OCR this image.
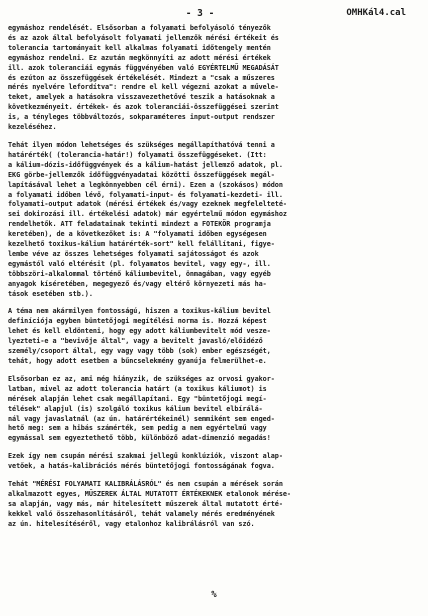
- 3 -	OMHKál4.cal
egymáshoz rendelését. Elsősorban a folyamati befolyásoló tényezők
és az azok által befolyásolt folyamati jellemzők mérési értékeit és
tolerancia tartományait kell alkalmas folyamati időtengely mentén
egymáshoz rendelni. Ez azután megkönnyíti az adott mérési értékek
ill. azok toleranciái egymás függvényében való EGYÉRTELMŰ MEGADÁSÁT
és ezúton az összefüggések értékelését. Mindezt a "csak a műszeres
mérés nyelvére lefordítva": rendre el kell végezni azokat a művele-
teket, amelyek a hatásokra visszavezethetővé teszik a hatásoknak a
következményeit. értékek- és azok toleranciái-összefüggései szerint
is, a tényleges többváltozós, sokparaméteres input-output rendszer
kezeléséhez.
Tehát ilyen módon lehetséges és szükséges megállapíthatóvá tenni a
határérték( (tolerancia-határ!) folyamati összefüggéseket. (Itt:
a kálium-dózis-időfüggvények és a kálium-hatást jellemző adatok, pl.
EKG görbe-jellemzők időfüggvényadatai közötti összefüggések megál-
lapításával lehet a legkönnyebben cél érni). Ezen a (szokásos) módon
a folyamati időben lévő, folyamati-input- és folyamati-kezdeti- ill.
folyamati-output adatok (mérési értékek és/vagy ezeknek megfelelteté-
sei dokirozási ill. értékelési adatok) már egyértelmű módon egymáshoz
rendelhetők. ATT feladatainak tekinti mindezt a FOTEKÖR programja
keretében), de a következőket is: A "folyamati időben egységesen
kezelhető toxikus-kálium határérték-sort" kell felállítani, figye-
lembe véve az összes lehetséges folyamati sajátosságot és azok
egymástól való eltérésit (pl. folyamatos bevitel, vagy egy-, ill.
többszöri-alkalommal történő káliumbevitel, önmagában, vagy egyéb
anyagok kíséretében, megegyező és/vagy eltérő környezeti más ha-
tások esetében stb.).
A téma nem akármilyen fontosságú, hiszen a toxikus-kálium bevitel
definíciója egyben büntetőjogi megítélési norma is. Hozzá képest
lehet és kell eldönteni, hogy egy adott káliumbevitelt mód vesze-
lyezteti-e a "bevivője által", vagy a bevitelt javasló/előidéző
személy/csoport által, egy vagy vagy több (sok) ember egészségét,
tehát, hogy adott esetben a bűncselekmény gyanúja felmerülhet-e.
Elsősorban ez az, ami még hiányzik, de szükséges az orvosi gyakor-
latban, mivel az adott tolerancia határt (a toxikus káliumot) is
mérések alapján lehet csak megállapítani. Egy "büntetőjogi megí-
télések" alapjul (is) szolgáló toxikus kálium bevitel elbírálá-
nál vagy javaslatnál (az ún. határértékeinél) semmiként sem enged-
hető meg: sem a hibás számérték, sem pedig a nem egyértelmű vagy
egymással sem egyeztethető több, különböző adat-dimenzió megadás!
Ezek így nem csupán mérési szakmai jellegű konklúziók, viszont alap-
vetőek, a hatás-kalibrációs mérés büntetőjogi fontosságának fogva.
Tehát "MÉRÉSI FOLYAMATI KALIBRÁLÁSRÓL" és nem csupán a mérések során
alkalmazott egyes, MŰSZEREK ÁLTAL MUTATOTT ÉRTÉKEKNEK etalonok mérése-
sa alapján, vagy más, már hitelesített műszerek által mutatott érté-
kekkel való összehasonlításáról, tehát valamely mérés eredményének
az ún. hitelesítéséről, vagy etalonhoz kalibrálásról van szó.
%
